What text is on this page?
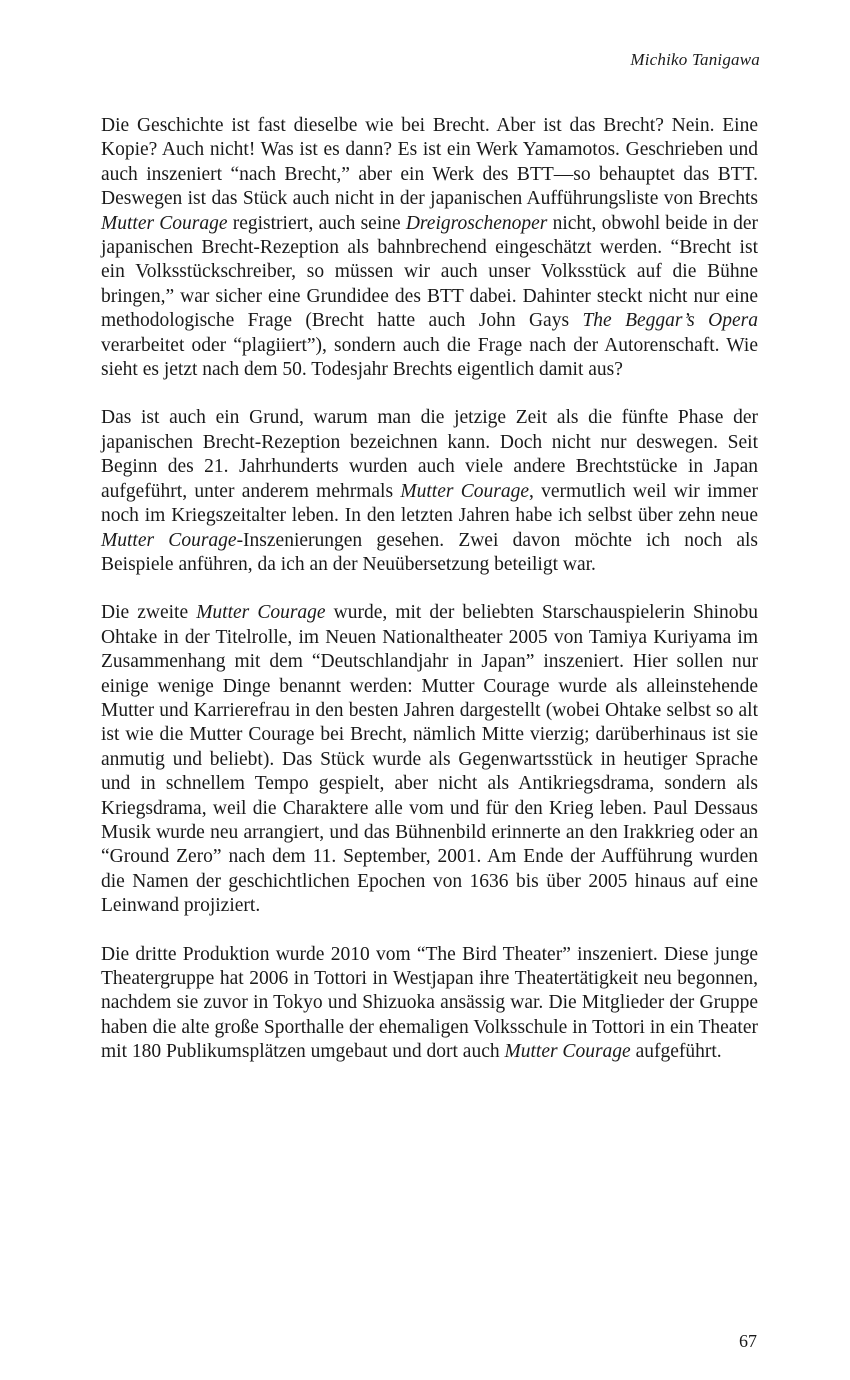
Michiko Tanigawa

Die Geschichte ist fast dieselbe wie bei Brecht. Aber ist das Brecht? Nein. Eine Kopie? Auch nicht! Was ist es dann? Es ist ein Werk Yamamotos. Geschrieben und auch inszeniert “nach Brecht,” aber ein Werk des BTT—so behauptet das BTT. Deswegen ist das Stück auch nicht in der japanischen Aufführungsliste von Brechts Mutter Courage registriert, auch seine Dreigroschenoper nicht, obwohl beide in der japanischen Brecht-Rezeption als bahnbrechend eingeschätzt werden. “Brecht ist ein Volksstückschreiber, so müssen wir auch unser Volksstück auf die Bühne bringen,” war sicher eine Grundidee des BTT dabei. Dahinter steckt nicht nur eine methodologische Frage (Brecht hatte auch John Gays The Beggar’s Opera verarbeitet oder “plagiiert”), sondern auch die Frage nach der Autorenschaft. Wie sieht es jetzt nach dem 50. Todesjahr Brechts eigentlich damit aus?

Das ist auch ein Grund, warum man die jetzige Zeit als die fünfte Phase der japanischen Brecht-Rezeption bezeichnen kann. Doch nicht nur deswegen. Seit Beginn des 21. Jahrhunderts wurden auch viele andere Brechtstücke in Japan aufgeführt, unter anderem mehrmals Mutter Courage, vermutlich weil wir immer noch im Kriegszeitalter leben. In den letzten Jahren habe ich selbst über zehn neue Mutter Courage-Inszenierungen gesehen. Zwei davon möchte ich noch als Beispiele anführen, da ich an der Neuübersetzung beteiligt war.

Die zweite Mutter Courage wurde, mit der beliebten Starschauspielerin Shinobu Ohtake in der Titelrolle, im Neuen Nationaltheater 2005 von Tamiya Kuriyama im Zusammenhang mit dem “Deutschlandjahr in Japan” inszeniert. Hier sollen nur einige wenige Dinge benannt werden: Mutter Courage wurde als alleinstehende Mutter und Karrierefrau in den besten Jahren dargestellt (wobei Ohtake selbst so alt ist wie die Mutter Courage bei Brecht, nämlich Mitte vierzig; darüberhinaus ist sie anmutig und beliebt). Das Stück wurde als Gegenwartsstück in heutiger Sprache und in schnellem Tempo gespielt, aber nicht als Antikriegsdrama, sondern als Kriegsdrama, weil die Charaktere alle vom und für den Krieg leben. Paul Dessaus Musik wurde neu arrangiert, und das Bühnenbild erinnerte an den Irakkrieg oder an “Ground Zero” nach dem 11. September, 2001. Am Ende der Aufführung wurden die Namen der geschichtlichen Epochen von 1636 bis über 2005 hinaus auf eine Leinwand projiziert.

Die dritte Produktion wurde 2010 vom “The Bird Theater” inszeniert. Diese junge Theatergruppe hat 2006 in Tottori in Westjapan ihre Theatertätigkeit neu begonnen, nachdem sie zuvor in Tokyo und Shizuoka ansässig war. Die Mitglieder der Gruppe haben die alte große Sporthalle der ehemaligen Volksschule in Tottori in ein Theater mit 180 Publikumsplätzen umgebaut und dort auch Mutter Courage aufgeführt.

67
